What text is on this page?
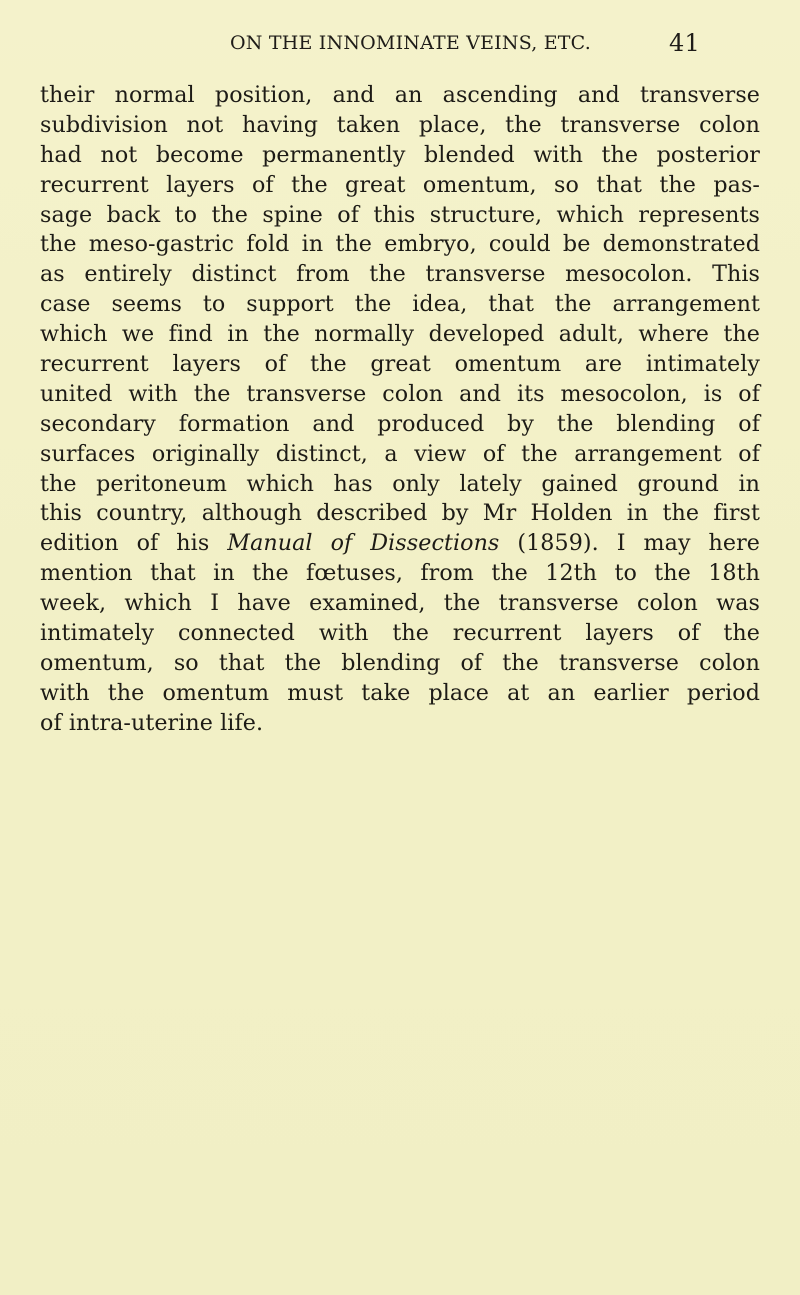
ON THE INNOMINATE VEINS, ETC.	41
their normal position, and an ascending and transverse
subdivision not having taken place, the transverse colon
had not become permanently blended with the posterior
recurrent layers of the great omentum, so that the pas-
sage back to the spine of this structure, which represents
the meso-gastric fold in the embryo, could be demonstrated
as entirely distinct from the transverse mesocolon. This
case seems to support the idea, that the arrangement
which we find in the normally developed adult, where the
recurrent layers of the great omentum are intimately
united with the transverse colon and its mesocolon, is of
secondary formation and produced by the blending of
surfaces originally distinct, a view of the arrangement of
the peritoneum which has only lately gained ground in
this country, although described by Mr Holden in the first
edition of his Manual of Dissections (1859). I may here
mention that in the fœtuses, from the 12th to the 18th
week, which I have examined, the transverse colon was
intimately connected with the recurrent layers of the
omentum, so that the blending of the transverse colon
with the omentum must take place at an earlier period
of intra-uterine life.
